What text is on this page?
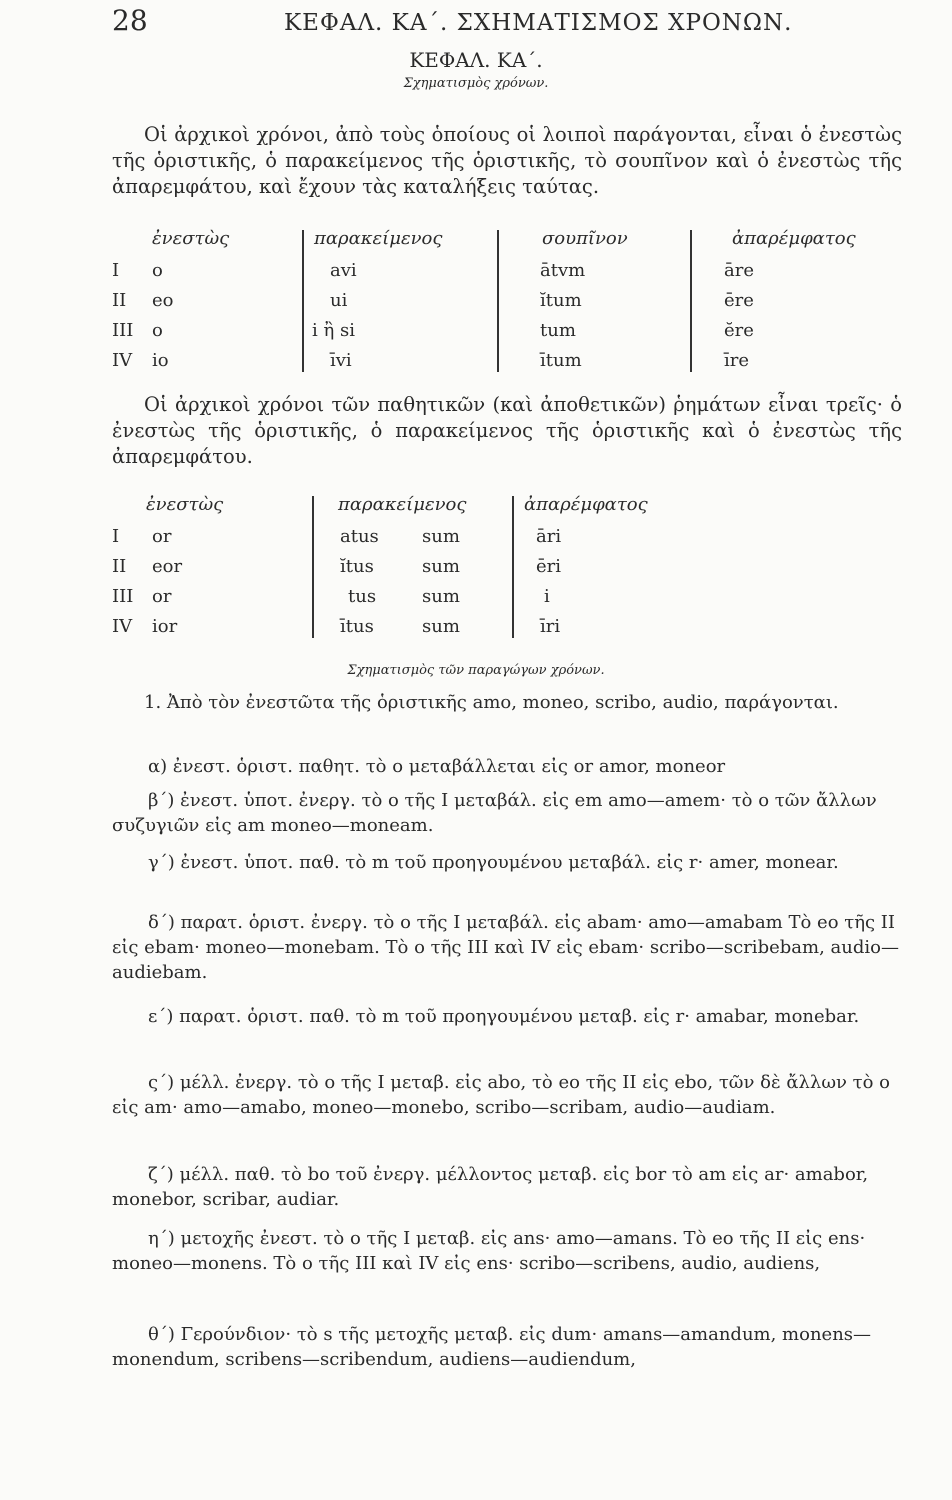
28	ΚΕΦΑΛ. ΚΑ΄. ΣΧΗΜΑΤΙΣΜΟΣ ΧΡΟΝΩΝ.
ΚΕΦΑΛ. ΚΑ΄.
Σχηματισμὸς χρόνων.
Οἱ ἀρχικοὶ χρόνοι, ἀπὸ τοὺς ὁποίους οἱ λοιποὶ παράγονται, εἶναι ὁ ἐνεστὼς τῆς ὁριστικῆς, ὁ παρακείμενος τῆς ὁριστικῆς, τὸ σουπῖνον καὶ ὁ ἐνεστὼς τῆς ἀπαρεμφάτου, καὶ ἔχουν τὰς καταλήξεις ταύτας.
ἐνεστὼς	παρακείμενος	σουπῖνον	ἀπαρέμφατος
I o	avi	ātvm	āre
II eo	ui	ĭtum	ēre
III o	i ἢ si	tum	ĕre
IV io	īvi	ītum	īre
Οἱ ἀρχικοὶ χρόνοι τῶν παθητικῶν (καὶ ἀποθετικῶν) ῥημάτων εἶναι τρεῖς· ὁ ἐνεστὼς τῆς ὁριστικῆς, ὁ παρακείμενος τῆς ὁριστικῆς καὶ ὁ ἐνεστὼς τῆς ἀπαρεμφάτου.
ἐνεστὼς	παρακείμενος	ἀπαρέμφατος
I or	atus sum	āri
II eor	ĭtus	sum	ēri
III or	tus	sum	i
IV ior	ītus	sum	īri
Σχηματισμὸς τῶν παραγώγων χρόνων.
1. Ἀπὸ τὸν ἐνεστῶτα τῆς ὁριστικῆς amo, moneo, scribo, audio, παράγονται.
α) ἐνεστ. ὁριστ. παθητ. τὸ o μεταβάλλεται εἰς or amor, moneor
β΄) ἐνεστ. ὑποτ. ἐνεργ. τὸ o τῆς I μεταβάλ. εἰς em amo—amem· τὸ o τῶν ἄλλων συζυγιῶν εἰς am moneo—moneam.
γ΄) ἐνεστ. ὑποτ. παθ. τὸ m τοῦ προηγουμένου μεταβάλ. εἰς r· amer, monear.
δ΄) παρατ. ὁριστ. ἐνεργ. τὸ o τῆς I μεταβάλ. εἰς abam· amo—amabam Τὸ eo τῆς II εἰς ebam· moneo—monebam. Τὸ o τῆς III καὶ IV εἰς ebam· scribo—scribebam, audio—audiebam.
ε΄) παρατ. ὁριστ. παθ. τὸ m τοῦ προηγουμένου μεταβ. εἰς r· amabar, monebar.
ς΄) μέλλ. ἐνεργ. τὸ o τῆς I μεταβ. εἰς abo, τὸ eo τῆς II εἰς ebo, τῶν δὲ ἄλλων τὸ o εἰς am· amo—amabo, moneo—monebo, scribo—scribam, audio—audiam.
ζ΄) μέλλ. παθ. τὸ bo τοῦ ἐνεργ. μέλλοντος μεταβ. εἰς bor τὸ am εἰς ar· amabor, monebor, scribar, audiar.
η΄) μετοχῆς ἐνεστ. τὸ o τῆς I μεταβ. εἰς ans· amo—amans. Τὸ eo τῆς II εἰς ens· moneo—monens. Τὸ o τῆς III καὶ IV εἰς ens· scribo—scribens, audio, audiens,
θ΄) Γερούνδιον· τὸ s τῆς μετοχῆς μεταβ. εἰς dum· amans—amandum, monens—monendum, scribens—scribendum, audiens—audiendum,
